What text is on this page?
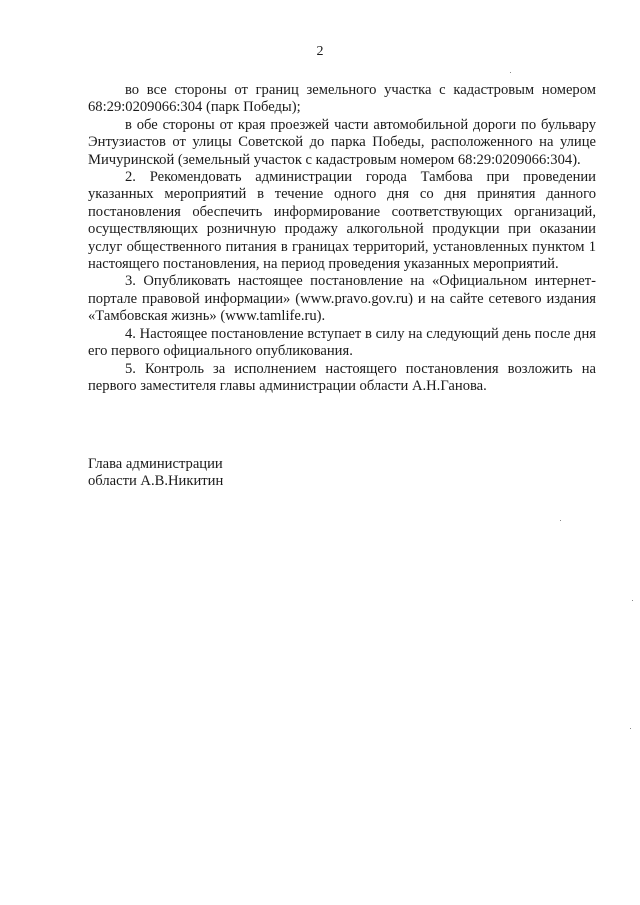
2

во все стороны от границ земельного участка с кадастровым номером 68:29:0209066:304 (парк Победы);

в обе стороны от края проезжей части автомобильной дороги по бульвару Энтузиастов от улицы Советской до парка Победы, расположенного на улице Мичуринской (земельный участок с кадастровым номером 68:29:0209066:304).

2. Рекомендовать администрации города Тамбова при проведении указанных мероприятий в течение одного дня со дня принятия данного постановления обеспечить информирование соответствующих организаций, осуществляющих розничную продажу алкогольной продукции при оказании услуг общественного питания в границах территорий, установленных пунктом 1 настоящего постановления, на период проведения указанных мероприятий.

3. Опубликовать настоящее постановление на «Официальном интернет-портале правовой информации» (www.pravo.gov.ru) и на сайте сетевого издания «Тамбовская жизнь» (www.tamlife.ru).

4. Настоящее постановление вступает в силу на следующий день после дня его первого официального опубликования.

5. Контроль за исполнением настоящего постановления возложить на первого заместителя главы администрации области А.Н.Ганова.

Глава администрации
области А.В.Никитин
